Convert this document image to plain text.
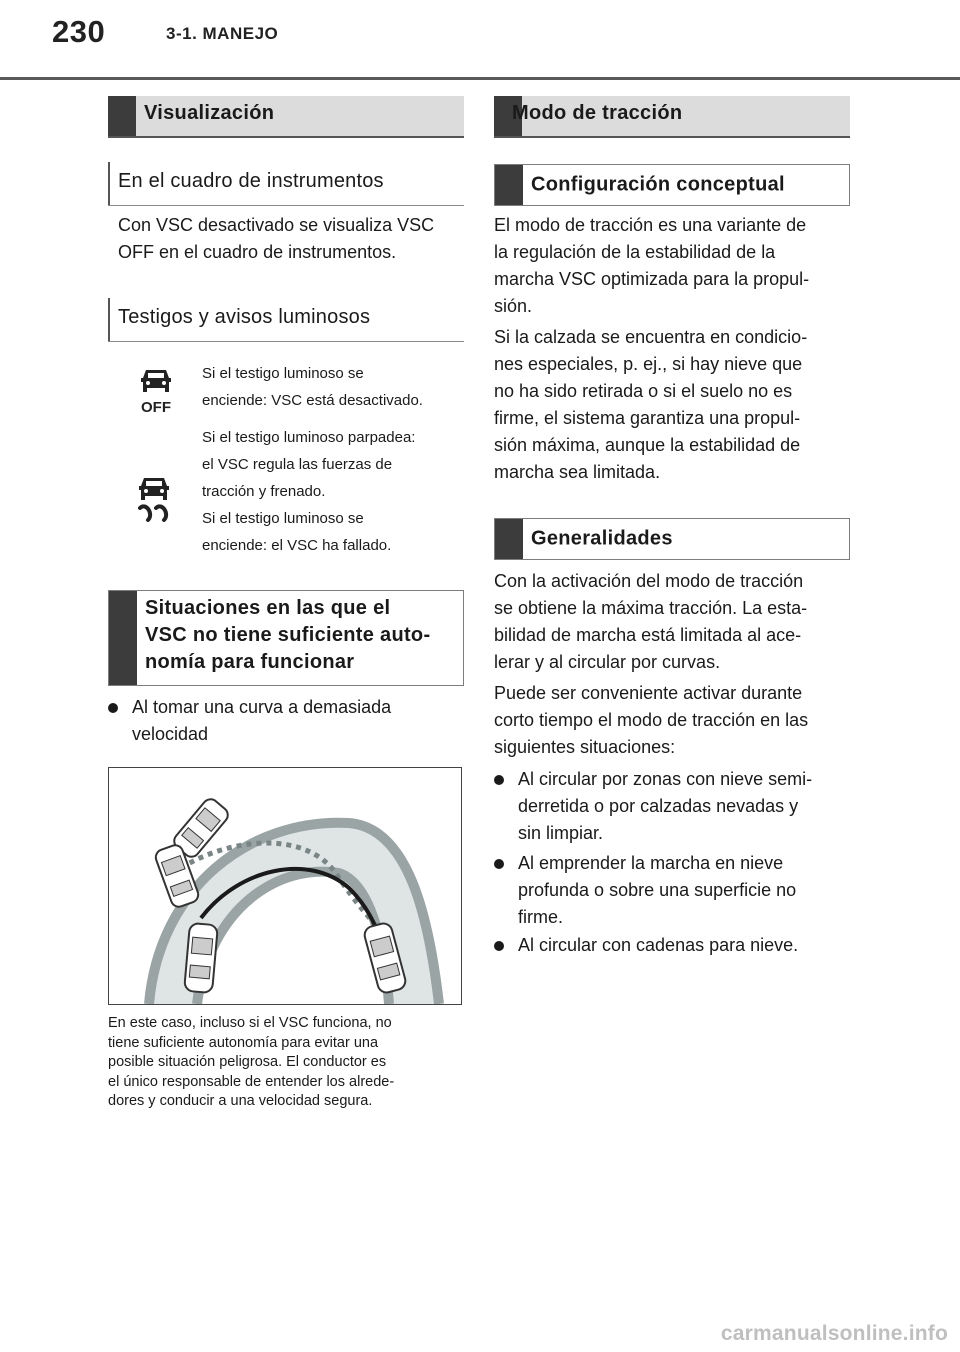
230	3-1. MANEJO
Visualización
En el cuadro de instrumentos
Con VSC desactivado se visualiza VSC
OFF en el cuadro de instrumentos.
Testigos y avisos luminosos
OFF
Si el testigo luminoso se
enciende: VSC está desactivado.
Si el testigo luminoso parpadea:
el VSC regula las fuerzas de
tracción y frenado.
Si el testigo luminoso se
enciende: el VSC ha fallado.
Situaciones en las que el
VSC no tiene suficiente auto-
nomía para funcionar
Al tomar una curva a demasiada
velocidad
En este caso, incluso si el VSC funciona, no
tiene suficiente autonomía para evitar una
posible situación peligrosa. El conductor es
el único responsable de entender los alrede-
dores y conducir a una velocidad segura.
Modo de tracción
Configuración conceptual
El modo de tracción es una variante de
la regulación de la estabilidad de la
marcha VSC optimizada para la propul-
sión.
Si la calzada se encuentra en condicio-
nes especiales, p. ej., si hay nieve que
no ha sido retirada o si el suelo no es
firme, el sistema garantiza una propul-
sión máxima, aunque la estabilidad de
marcha sea limitada.
Generalidades
Con la activación del modo de tracción
se obtiene la máxima tracción. La esta-
bilidad de marcha está limitada al ace-
lerar y al circular por curvas.
Puede ser conveniente activar durante
corto tiempo el modo de tracción en las
siguientes situaciones:
Al circular por zonas con nieve semi-
derretida o por calzadas nevadas y
sin limpiar.
Al emprender la marcha en nieve
profunda o sobre una superficie no
firme.
Al circular con cadenas para nieve.
carmanualsonline.info
